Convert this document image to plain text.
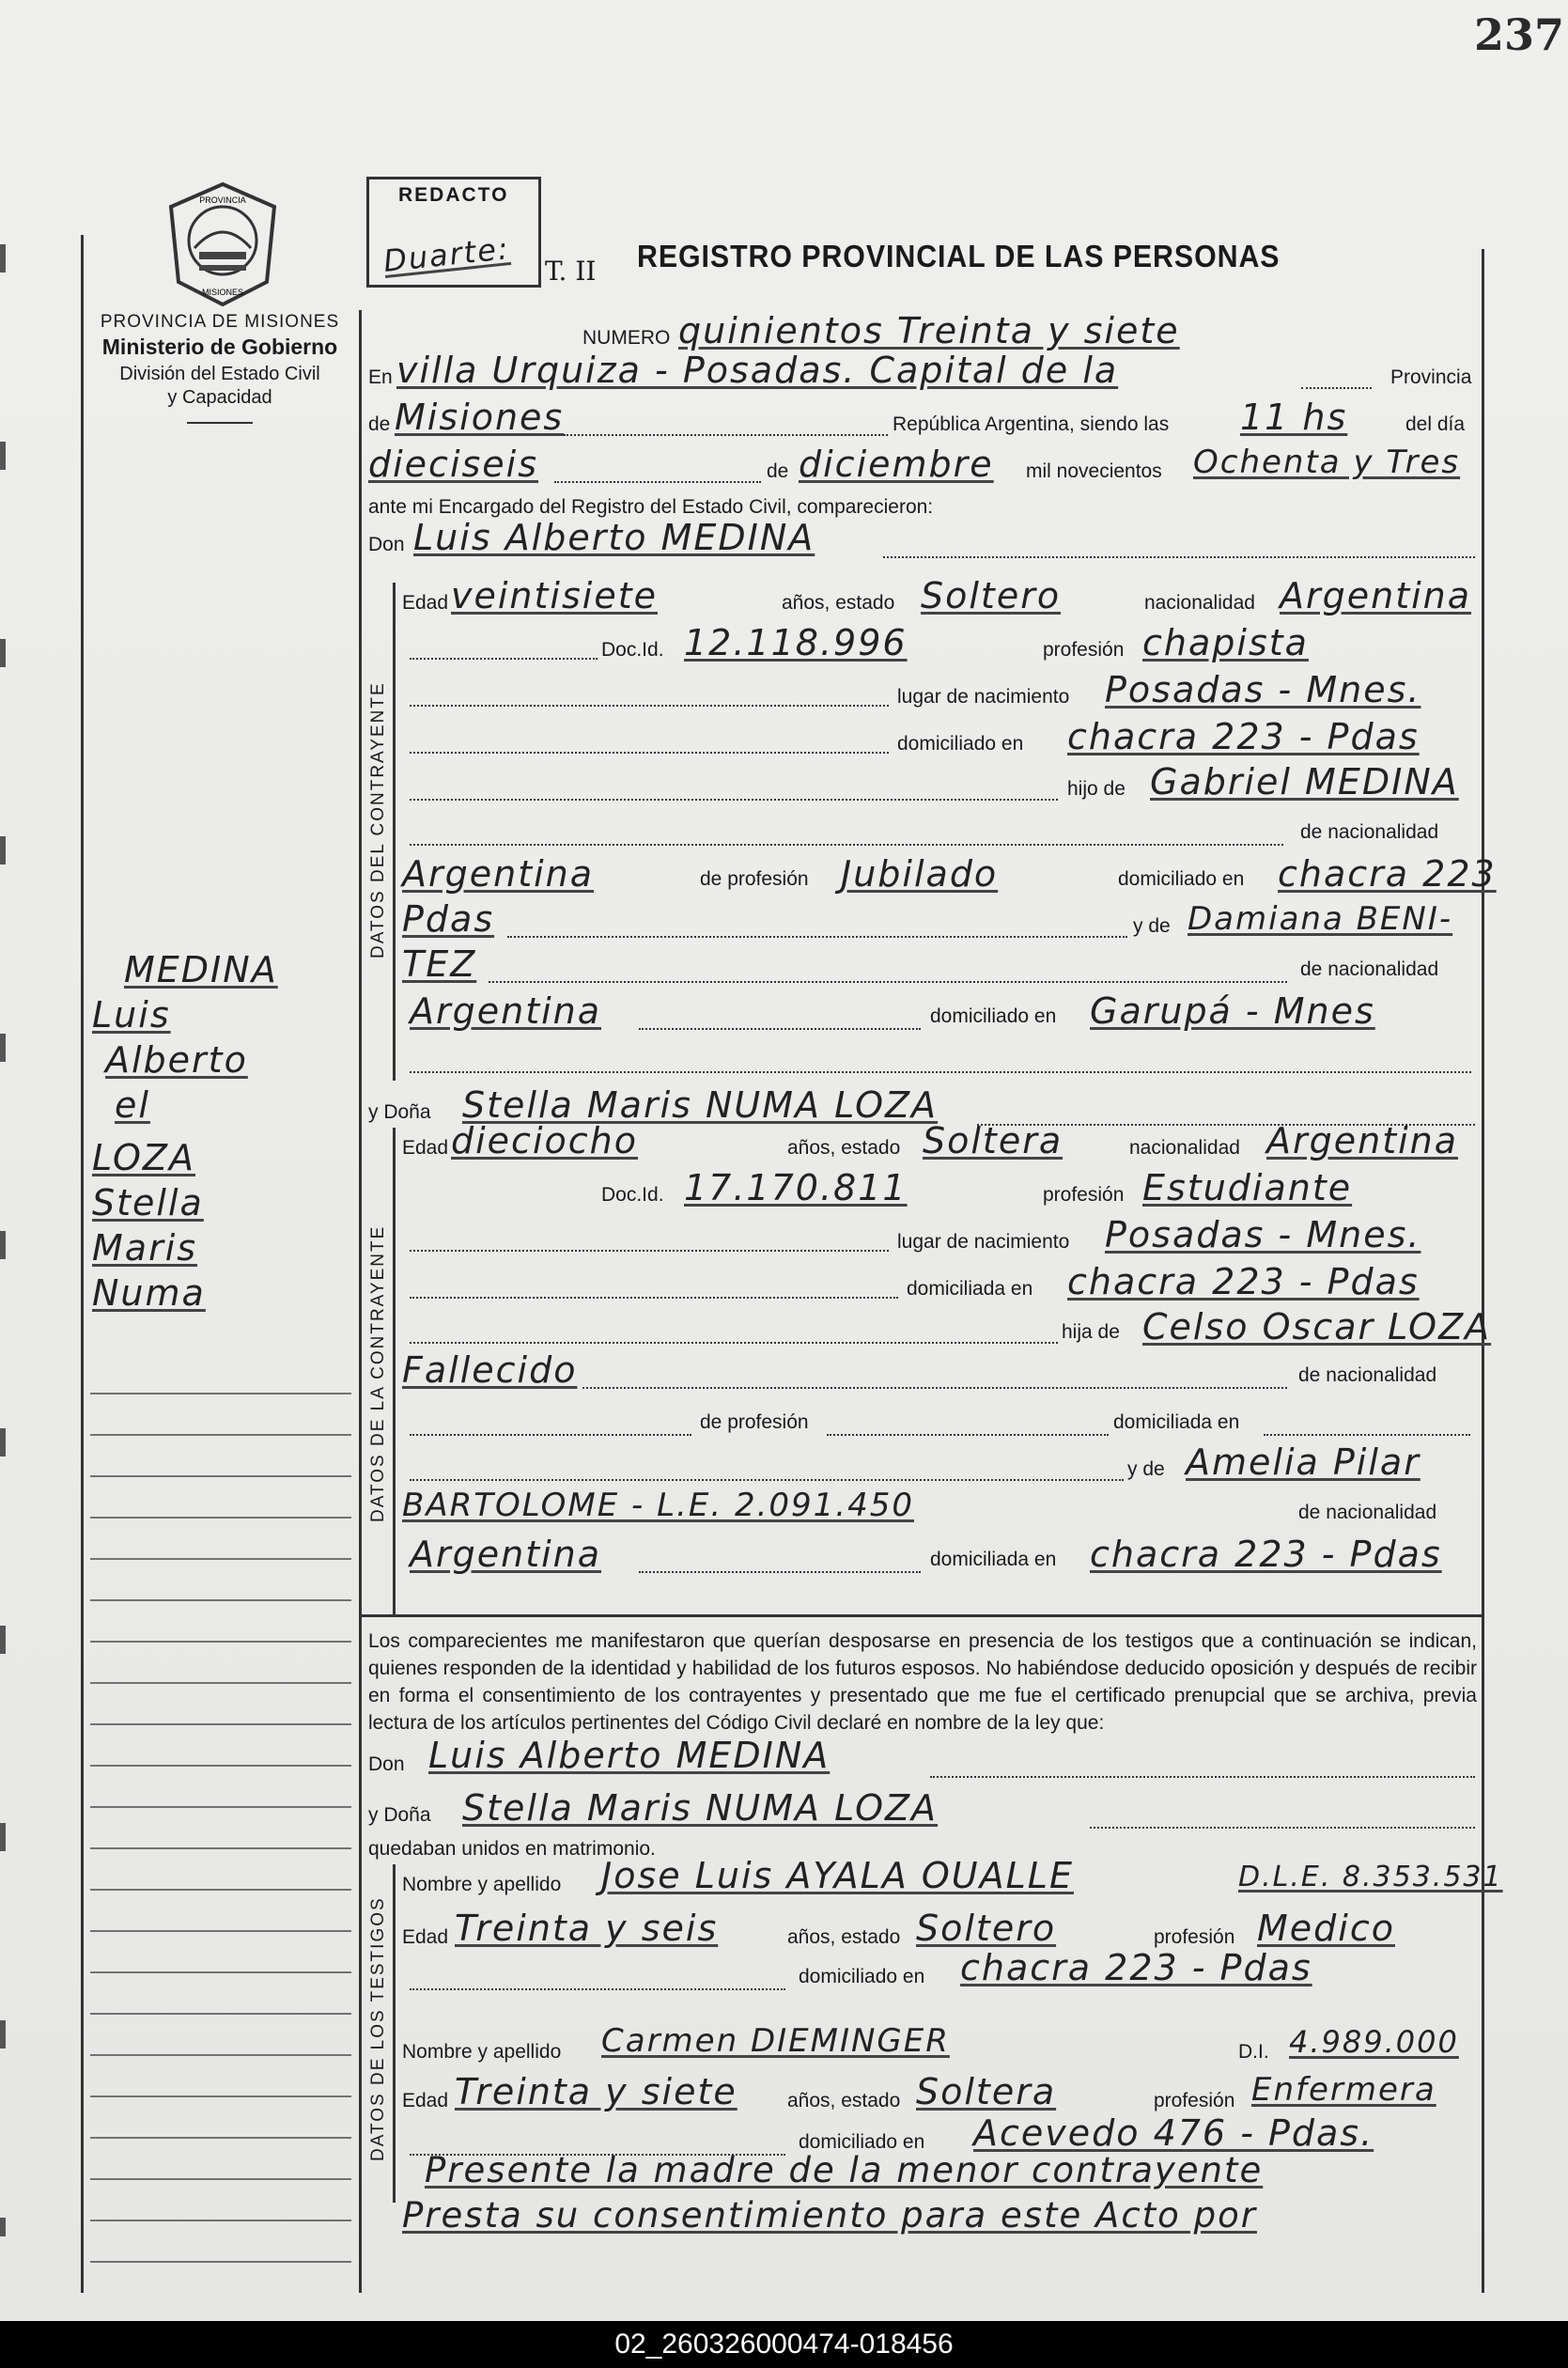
237
PROVINCIA
MISIONES
PROVINCIA DE MISIONES
Ministerio de Gobierno
División del Estado Civil
y Capacidad
MEDINA
Luis
Alberto
el
LOZA
Stella
Maris
Numa
REDACTO
Duarte: T. II REGISTRO PROVINCIAL DE LAS PERSONAS
NUMERO quinientos Treinta y siete
En villa Urquiza - Posadas. Capital de la	Provincia
de Misiones	República Argentina, siendo las 11 hs	del día
dieciseis	de diciembre mil novecientos Ochenta y Tres
ante mi Encargado del Registro del Estado Civil, comparecieron:
Don Luis Alberto MEDINA
DATOS DEL CONTRAYENTE
Edad veintisiete	años, estado Soltero	nacionalidad Argentina
Doc.Id. 12.118.996	profesión chapista
lugar de nacimiento Posadas - Mnes.
domiciliado en chacra 223 - Pdas
hijo de Gabriel MEDINA
de nacionalidad
Argentina	de profesión Jubilado	domiciliado en chacra 223
Pdas	y de Damiana BENI-
TEZ	de nacionalidad
Argentina	domiciliado en Garupá - Mnes
y Doña Stella Maris NUMA LOZA
DATOS DE LA CONTRAYENTE
Edad dieciocho	años, estado Soltera	nacionalidad Argentina
Doc.Id. 17.170.811	profesión Estudiante
lugar de nacimiento Posadas - Mnes.
domiciliada en chacra 223 - Pdas
hija de Celso Oscar LOZA
Fallecido	de nacionalidad
de profesión	domiciliada en
y de Amelia Pilar
BARTOLOME - L.E. 2.091.450	de nacionalidad
Argentina	domiciliada en chacra 223 - Pdas
Los comparecientes me manifestaron que querían desposarse en presencia de los testigos que a continuación se indican, quienes responden de la identidad y habilidad de los futuros esposos. No habiéndose deducido oposición y después de recibir en forma el consentimiento de los contrayentes y presentado que me fue el certificado prenupcial que se archiva, previa lectura de los artículos pertinentes del Código Civil declaré en nombre de la ley que:
Don Luis Alberto MEDINA
y Doña Stella Maris NUMA LOZA
quedaban unidos en matrimonio.
DATOS DE LOS TESTIGOS
Nombre y apellido Jose Luis AYALA OUALLE	D.L.E. 8.353.531
Edad Treinta y seis	años, estado Soltero	profesión Medico
domiciliado en chacra 223 - Pdas
Nombre y apellido Carmen DIEMINGER	D.I. 4.989.000
Edad Treinta y siete	años, estado Soltera	profesión Enfermera
domiciliado en Acevedo 476 - Pdas.
Presente la madre de la menor contrayente
Presta su consentimiento para este Acto por
02_260326000474-018456
